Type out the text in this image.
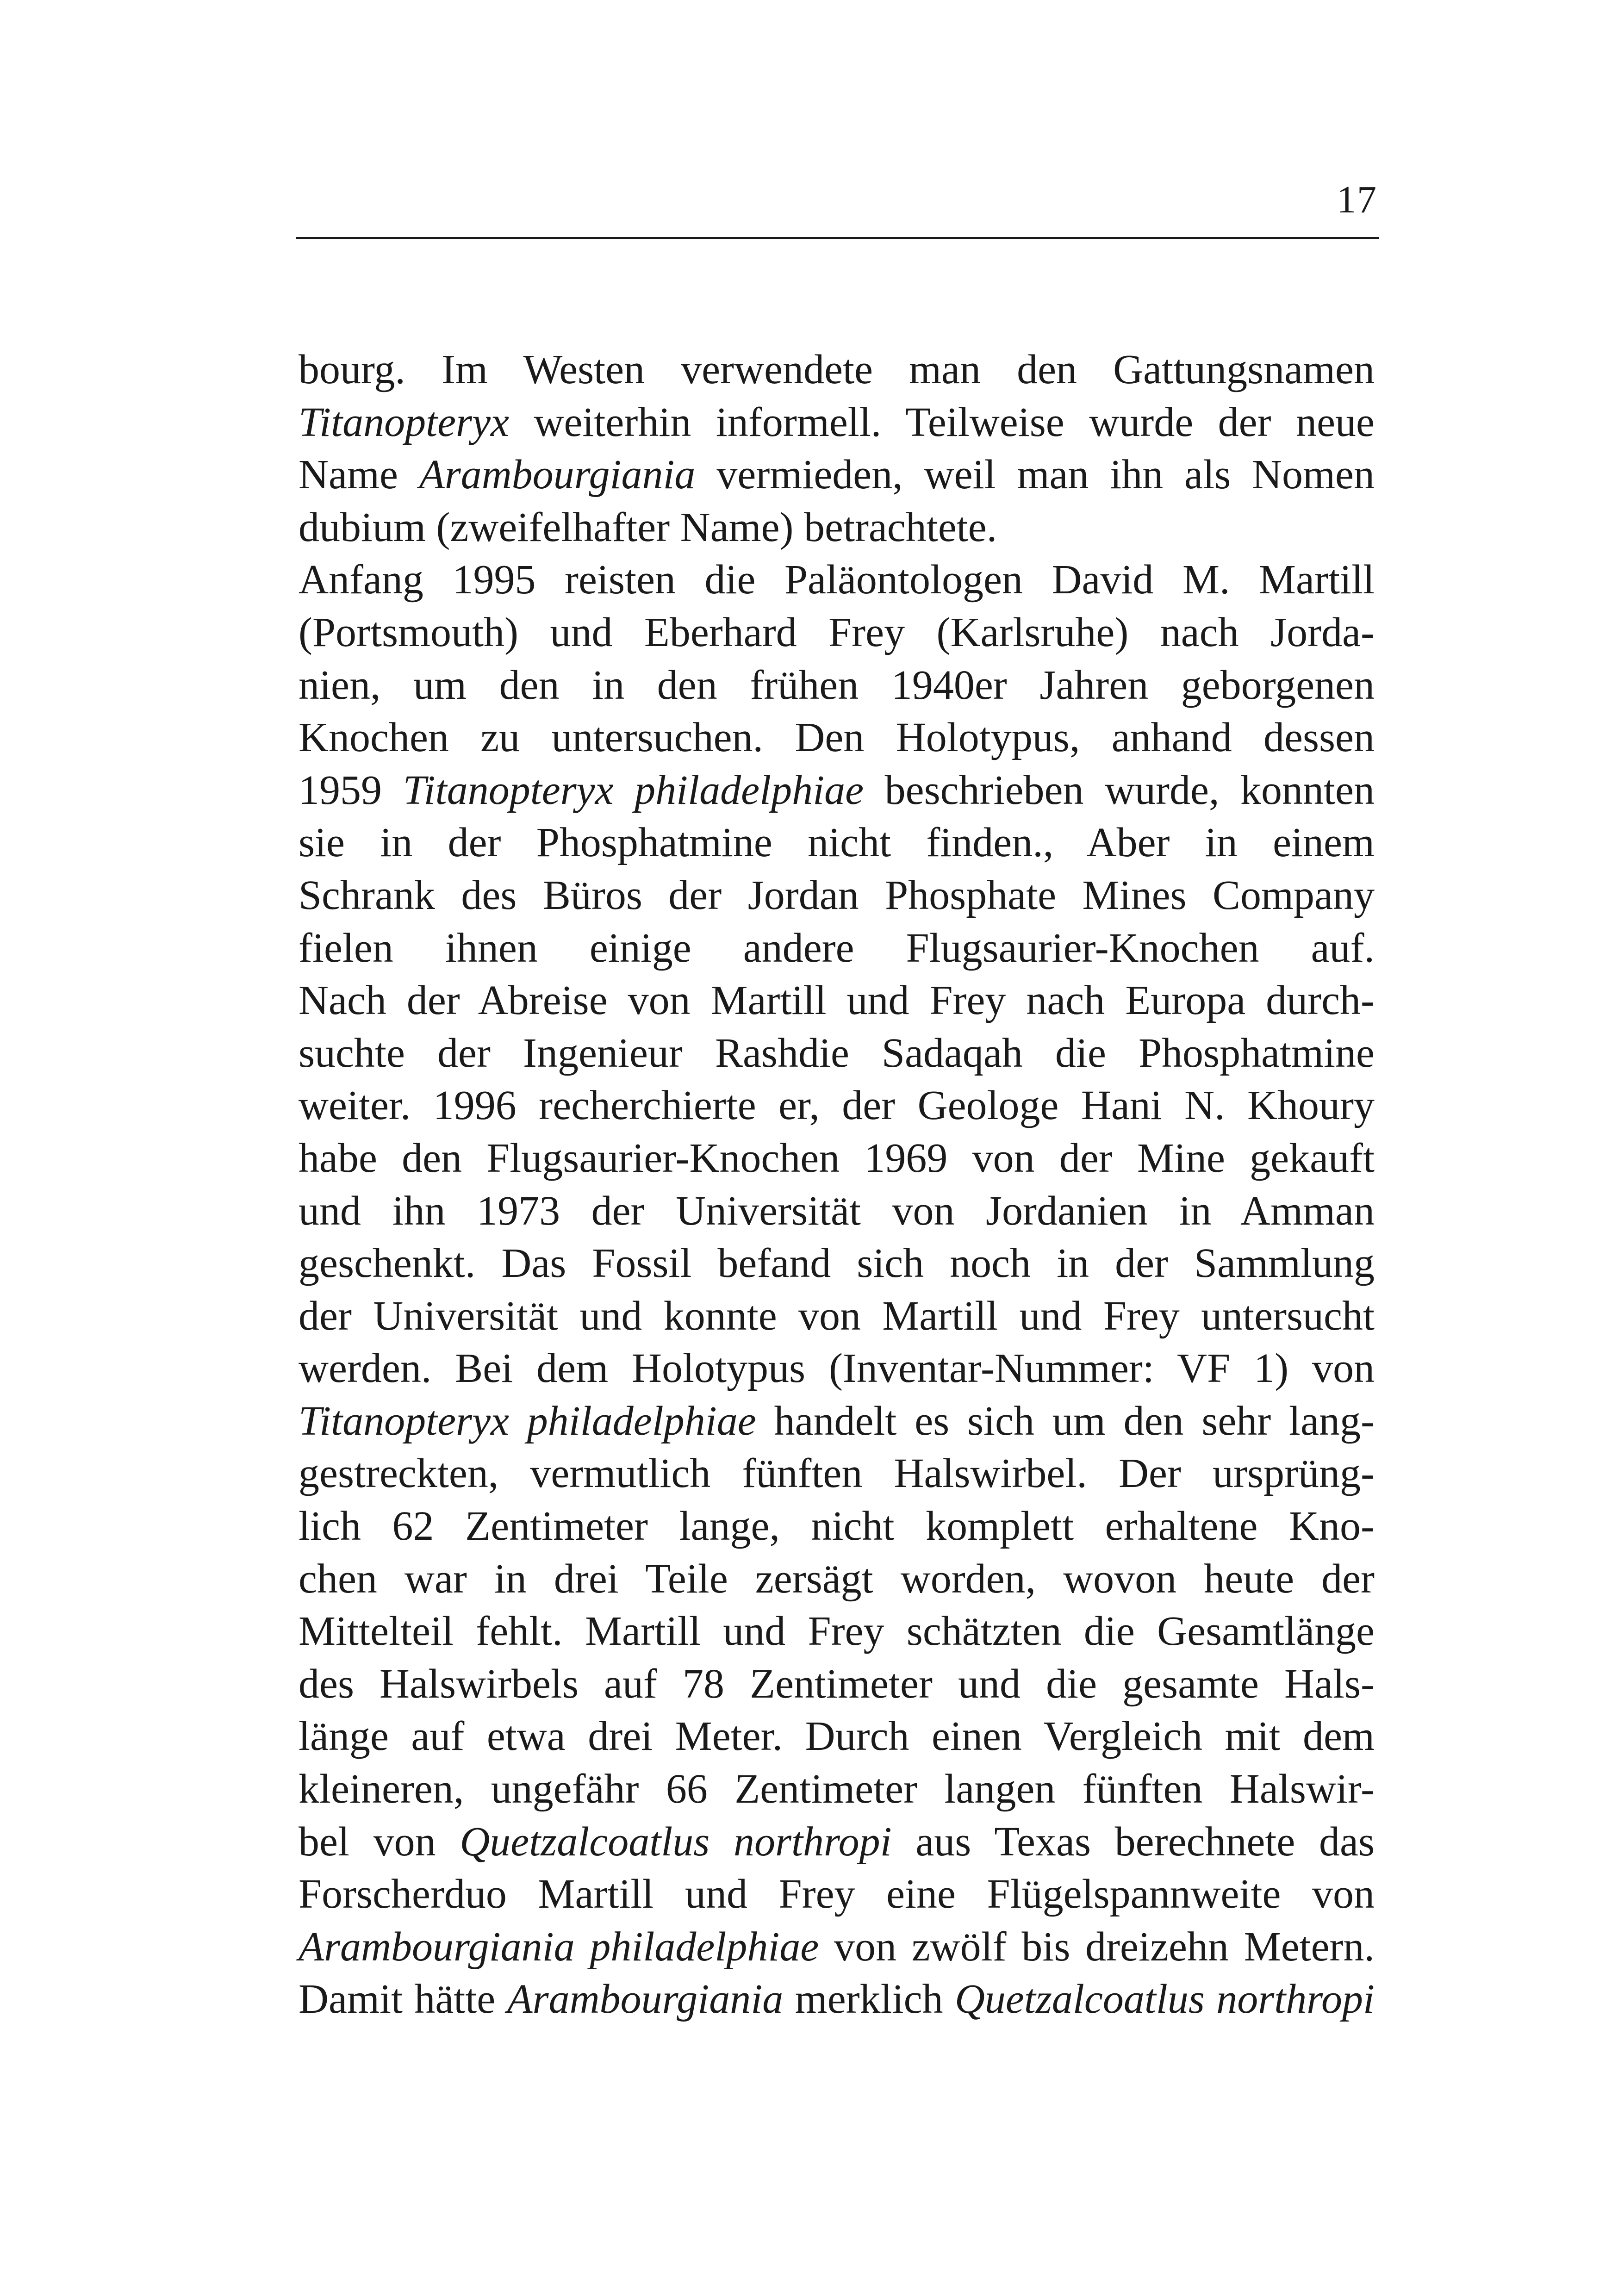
17
bourg. Im Westen verwendete man den Gattungsnamen
Titanopteryx weiterhin informell. Teilweise wurde der neue
Name Arambourgiania vermieden, weil man ihn als Nomen
dubium (zweifelhafter Name) betrachtete.
Anfang 1995 reisten die Paläontologen David M. Martill
(Portsmouth) und Eberhard Frey (Karlsruhe) nach Jorda-
nien, um den in den frühen 1940er Jahren geborgenen
Knochen zu untersuchen. Den Holotypus, anhand dessen
1959 Titanopteryx philadelphiae beschrieben wurde, konnten
sie in der Phosphatmine nicht finden., Aber in einem
Schrank des Büros der Jordan Phosphate Mines Company
fielen ihnen einige andere Flugsaurier-Knochen auf.
Nach der Abreise von Martill und Frey nach Europa durch-
suchte der Ingenieur Rashdie Sadaqah die Phosphatmine
weiter. 1996 recherchierte er, der Geologe Hani N. Khoury
habe den Flugsaurier-Knochen 1969 von der Mine gekauft
und ihn 1973 der Universität von Jordanien in Amman
geschenkt. Das Fossil befand sich noch in der Sammlung
der Universität und konnte von Martill und Frey untersucht
werden. Bei dem Holotypus (Inventar-Nummer: VF 1) von
Titanopteryx philadelphiae handelt es sich um den sehr lang-
gestreckten, vermutlich fünften Halswirbel. Der ursprüng-
lich 62 Zentimeter lange, nicht komplett erhaltene Kno-
chen war in drei Teile zersägt worden, wovon heute der
Mittelteil fehlt. Martill und Frey schätzten die Gesamtlänge
des Halswirbels auf 78 Zentimeter und die gesamte Hals-
länge auf etwa drei Meter. Durch einen Vergleich mit dem
kleineren, ungefähr 66 Zentimeter langen fünften Halswir-
bel von Quetzalcoatlus northropi aus Texas berechnete das
Forscherduo Martill und Frey eine Flügelspannweite von
Arambourgiania philadelphiae von zwölf bis dreizehn Metern.
Damit hätte Arambourgiania merklich Quetzalcoatlus northropi
